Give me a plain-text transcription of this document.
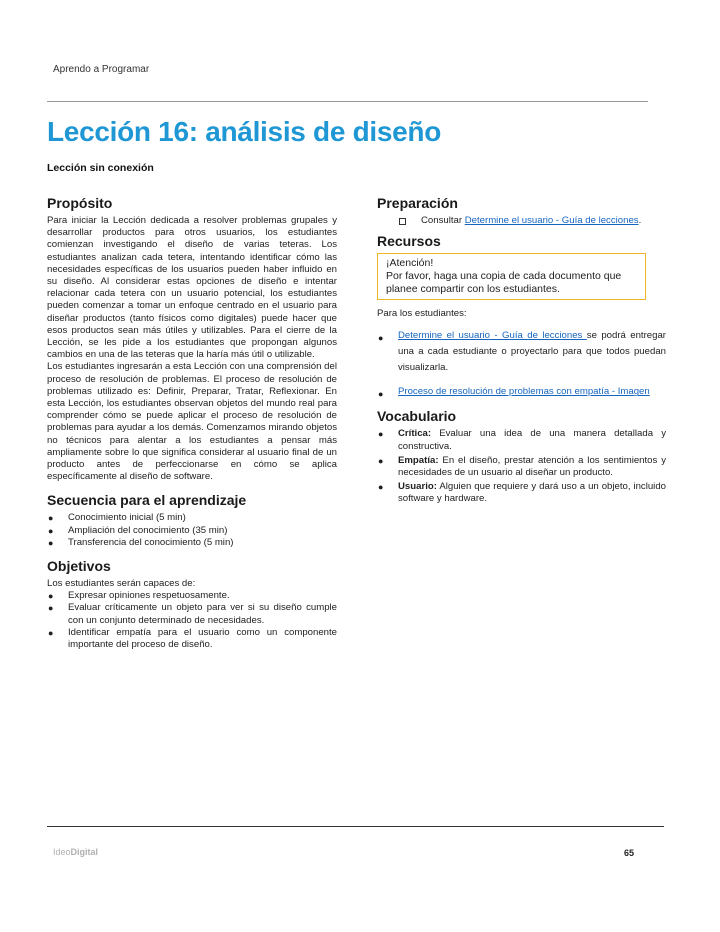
Aprendo a Programar
Lección 16: análisis de diseño
Lección sin conexión
Propósito

Para iniciar la Lección dedicada a resolver problemas grupales y desarrollar productos para otros usuarios, los estudiantes comienzan investigando el diseño de varias teteras. Los estudiantes analizan cada tetera, intentando identificar cómo las necesidades específicas de los usuarios pueden haber influido en su diseño. Al considerar estas opciones de diseño e intentar relacionar cada tetera con un usuario potencial, los estudiantes pueden comenzar a tomar un enfoque centrado en el usuario para diseñar productos (tanto físicos como digitales) puede hacer que esos productos sean más útiles y utilizables. Para el cierre de la Lección, se les pide a los estudiantes que propongan algunos cambios en una de las teteras que la haría más útil o utilizable.

Los estudiantes ingresarán a esta Lección con una comprensión del proceso de resolución de problemas. El proceso de resolución de problemas utilizado es: Definir, Preparar, Tratar, Reflexionar. En esta Lección, los estudiantes observan objetos del mundo real para comprender cómo se puede aplicar el proceso de resolución de problemas para ayudar a los demás. Comenzamos mirando objetos no técnicos para alentar a los estudiantes a pensar más ampliamente sobre lo que significa considerar al usuario final de un producto antes de perfeccionarse en cómo se aplica específicamente al diseño de software.

Secuencia para el aprendizaje
● Conocimiento inicial (5 min)
● Ampliación del conocimiento (35 min)
● Transferencia del conocimiento (5 min)
Objetivos

Los estudiantes serán capaces de:

● Expresar opiniones respetuosamente.
● Evaluar críticamente un objeto para ver si su diseño cumple con un conjunto determinado de necesidades.
● Identificar empatía para el usuario como un componente importante del proceso de diseño.
Preparación
Consultar Determine el usuario - Guía de lecciones.
Recursos
¡Atención!
Por favor, haga una copia de cada documento que planee compartir con los estudiantes.

Para los estudiantes:

● Determine el usuario - Guía de lecciones se podrá entregar una a cada estudiante o proyectarlo para que todos puedan visualizarla.
● Proceso de resolución de problemas con empatía - Imagen
Vocabulario
● Crítica: Evaluar una idea de una manera detallada y constructiva.
● Empatía: En el diseño, prestar atención a los sentimientos y necesidades de un usuario al diseñar un producto.
● Usuario: Alguien que requiere y dará uso a un objeto, incluido software y hardware.
IdeoDigital	65
